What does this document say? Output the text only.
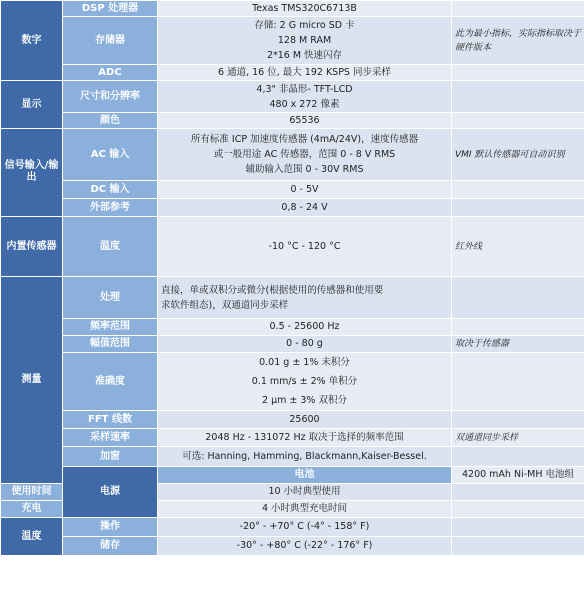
数字	DSP 处理器	Texas TMS320C6713B		
	存储器	存储: 2 G micro SD 卡
128 M RAM
2*16 M 快速闪存	此为最小指标，实际指标取决于硬件版本	
	ADC	6 通道, 16 位, 最大 192 KSPS 同步采样		
显示	尺寸和分辨率	4,3" 非晶形- TFT-LCD
480 x 272 像素		

	颜色	65536		
信号输入/输出	AC 输入	所有标准 ICP 加速度传感器 (4mA/24V)，速度传感器
或一般用途 AC 传感器，范围 0 - 8 V RMS
辅助输入范围 0 - 30V RMS	VMI 默认传感器可自动识别	
	DC 输入	0 - 5V		
	外部参考	0,8 - 24 V		
内置传感器	温度	-10 °C - 120 °C	红外线	
测量	处理	直接，单或双积分或微分(根据使用的传感器和使用要
求软件组态)，双通道同步采样		

	频率范围	0.5 - 25600 Hz		
	幅值范围	0 - 80 g	取决于传感器	
	准确度	0.01 g ± 1% 未积分
0.1 mm/s ± 2% 单积分
2 μm ± 3% 双积分		

	FFT 线数	25600		
	采样速率	2048 Hz - 131072 Hz 取决于选择的频率范围	双通道同步采样	
	加窗	可选: Hanning, Hamming, Blackmann,Kaiser-Bessel.		
	电源	电池	4200 mAh Ni-MH 电池组	
使用时间		10 小时典型使用		
充电		4 小时典型充电时间		
温度	操作	-20° - +70° C (-4° - 158° F)		
	储存	-30° - +80° C (-22° - 176° F)		
